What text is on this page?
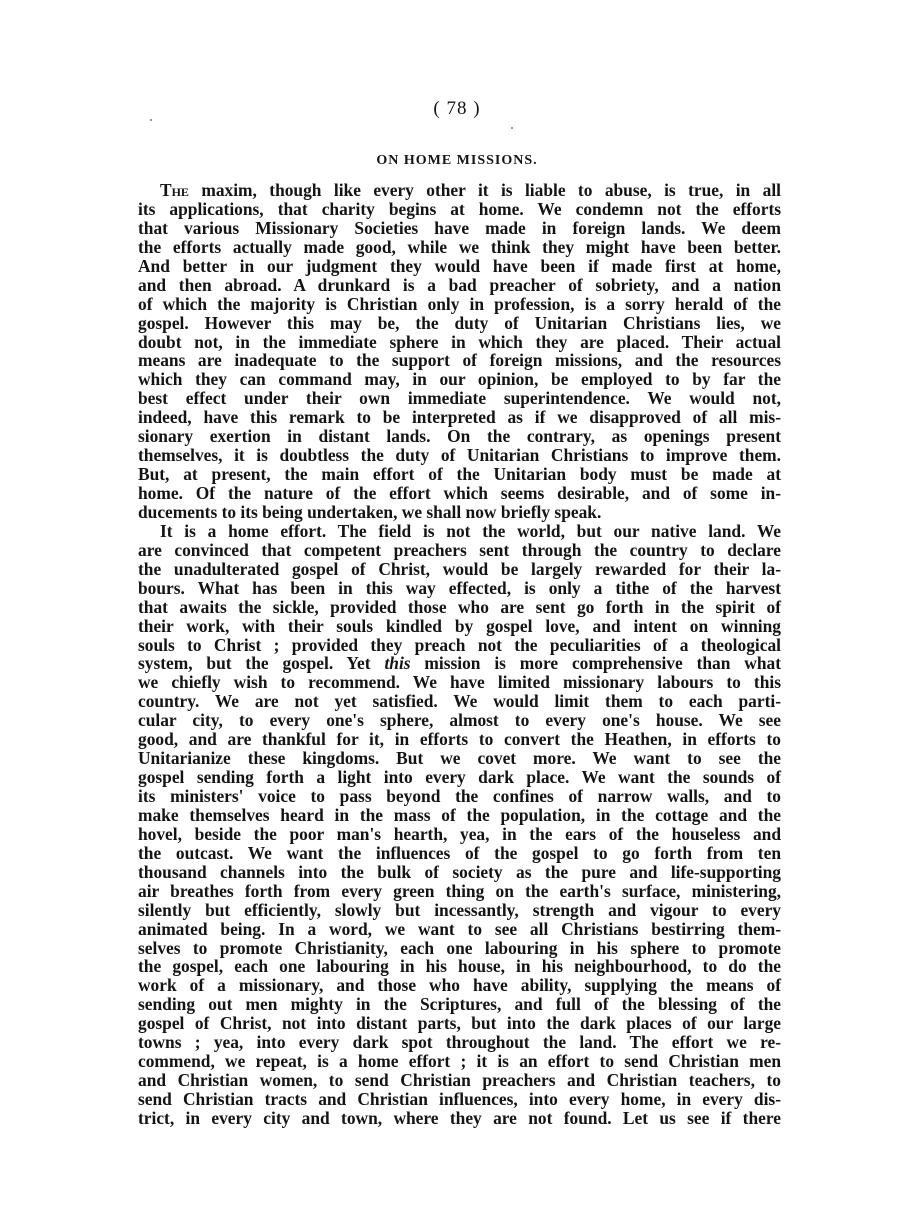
( 78 )
ON HOME MISSIONS.
The maxim, though like every other it is liable to abuse, is true, in all
its applications, that charity begins at home. We condemn not the efforts
that various Missionary Societies have made in foreign lands. We deem
the efforts actually made good, while we think they might have been better.
And better in our judgment they would have been if made first at home,
and then abroad. A drunkard is a bad preacher of sobriety, and a nation
of which the majority is Christian only in profession, is a sorry herald of the
gospel. However this may be, the duty of Unitarian Christians lies, we
doubt not, in the immediate sphere in which they are placed. Their actual
means are inadequate to the support of foreign missions, and the resources
which they can command may, in our opinion, be employed to by far the
best effect under their own immediate superintendence. We would not,
indeed, have this remark to be interpreted as if we disapproved of all mis-
sionary exertion in distant lands. On the contrary, as openings present
themselves, it is doubtless the duty of Unitarian Christians to improve them.
But, at present, the main effort of the Unitarian body must be made at
home. Of the nature of the effort which seems desirable, and of some in-
ducements to its being undertaken, we shall now briefly speak.
It is a home effort. The field is not the world, but our native land. We
are convinced that competent preachers sent through the country to declare
the unadulterated gospel of Christ, would be largely rewarded for their la-
bours. What has been in this way effected, is only a tithe of the harvest
that awaits the sickle, provided those who are sent go forth in the spirit of
their work, with their souls kindled by gospel love, and intent on winning
souls to Christ ; provided they preach not the peculiarities of a theological
system, but the gospel. Yet this mission is more comprehensive than what
we chiefly wish to recommend. We have limited missionary labours to this
country. We are not yet satisfied. We would limit them to each parti-
cular city, to every one's sphere, almost to every one's house. We see
good, and are thankful for it, in efforts to convert the Heathen, in efforts to
Unitarianize these kingdoms. But we covet more. We want to see the
gospel sending forth a light into every dark place. We want the sounds of
its ministers' voice to pass beyond the confines of narrow walls, and to
make themselves heard in the mass of the population, in the cottage and the
hovel, beside the poor man's hearth, yea, in the ears of the houseless and
the outcast. We want the influences of the gospel to go forth from ten
thousand channels into the bulk of society as the pure and life-supporting
air breathes forth from every green thing on the earth's surface, ministering,
silently but efficiently, slowly but incessantly, strength and vigour to every
animated being. In a word, we want to see all Christians bestirring them-
selves to promote Christianity, each one labouring in his sphere to promote
the gospel, each one labouring in his house, in his neighbourhood, to do the
work of a missionary, and those who have ability, supplying the means of
sending out men mighty in the Scriptures, and full of the blessing of the
gospel of Christ, not into distant parts, but into the dark places of our large
towns ; yea, into every dark spot throughout the land. The effort we re-
commend, we repeat, is a home effort ; it is an effort to send Christian men
and Christian women, to send Christian preachers and Christian teachers, to
send Christian tracts and Christian influences, into every home, in every dis-
trict, in every city and town, where they are not found. Let us see if there
